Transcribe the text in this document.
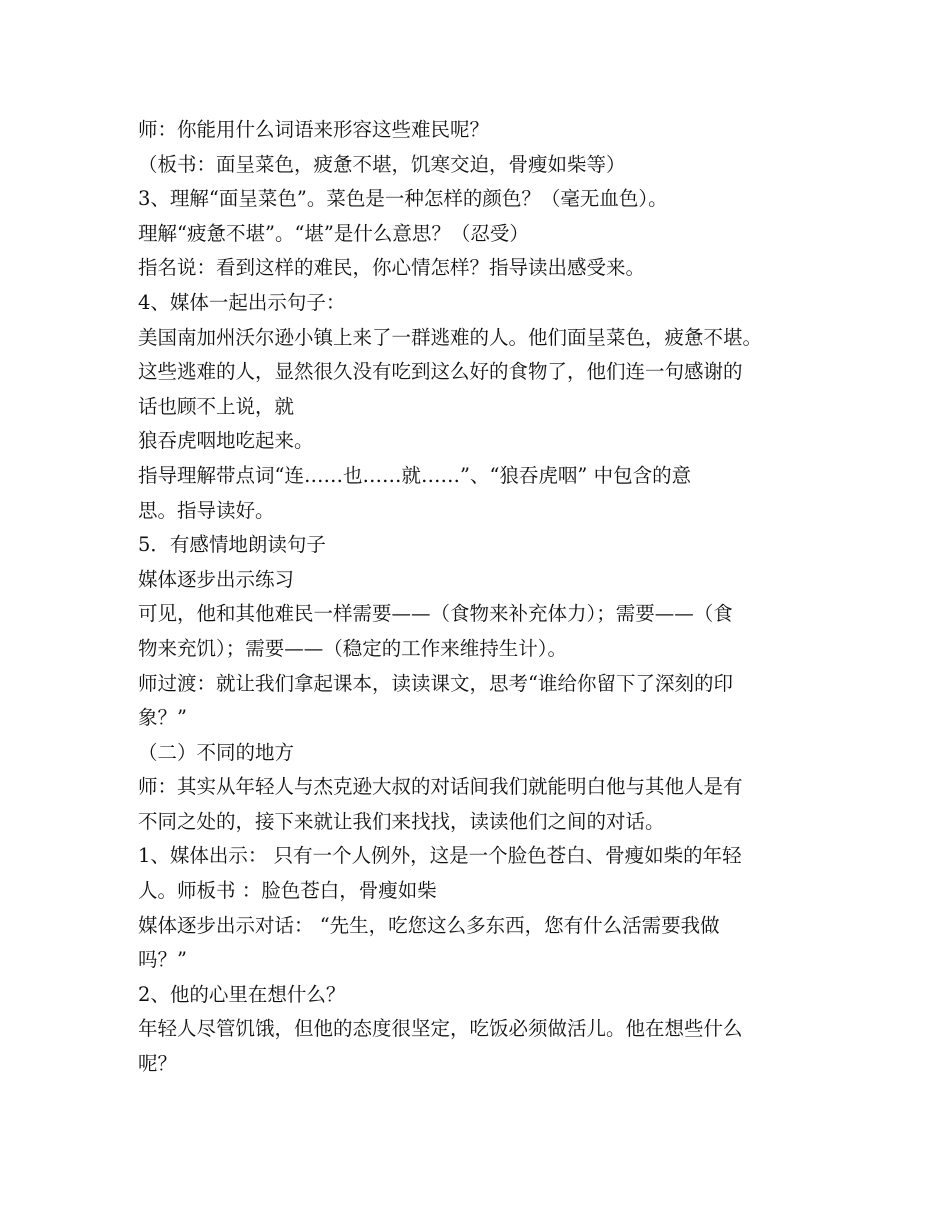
师：你能用什么词语来形容这些难民呢？
（板书：面呈菜色，疲惫不堪，饥寒交迫，骨瘦如柴等）
3、理解“面呈菜色”。菜色是一种怎样的颜色？（毫无血色）。
理解“疲惫不堪”。“堪”是什么意思？（忍受）
指名说：看到这样的难民，你心情怎样？指导读出感受来。
4、媒体一起出示句子：
美国南加州沃尔逊小镇上来了一群逃难的人。他们面呈菜色，疲惫不堪。
这些逃难的人，显然很久没有吃到这么好的食物了，他们连一句感谢的
话也顾不上说，就
狼吞虎咽地吃起来。
指导理解带点词“连……也……就……”、“狼吞虎咽” 中包含的意
思。指导读好。
5．有感情地朗读句子
媒体逐步出示练习
可见，他和其他难民一样需要——（食物来补充体力）；需要——（食
物来充饥）；需要——（稳定的工作来维持生计）。
师过渡：就让我们拿起课本，读读课文，思考“谁给你留下了深刻的印
象？”
（二）不同的地方
师：其实从年轻人与杰克逊大叔的对话间我们就能明白他与其他人是有
不同之处的，接下来就让我们来找找，读读他们之间的对话。
1、媒体出示： 只有一个人例外，这是一个脸色苍白、骨瘦如柴的年轻
人。师板书 ：脸色苍白，骨瘦如柴
媒体逐步出示对话： “先生，吃您这么多东西，您有什么活需要我做
吗？”
2、他的心里在想什么？
年轻人尽管饥饿，但他的态度很坚定，吃饭必须做活儿。他在想些什么
呢？
